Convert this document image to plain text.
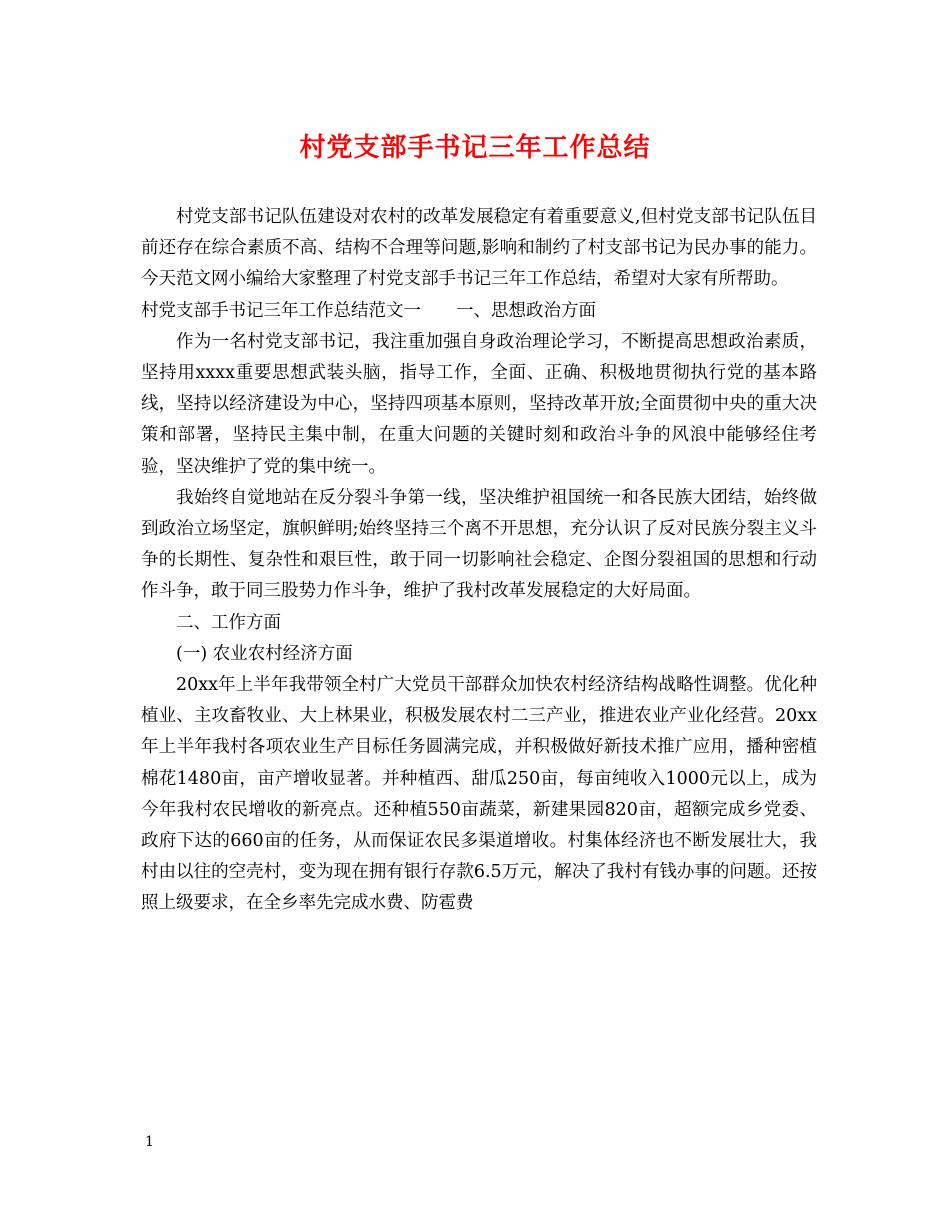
村党支部手书记三年工作总结

村党支部书记队伍建设对农村的改革发展稳定有着重要意义,但村党支部书记队伍目前还存在综合素质不高、结构不合理等问题,影响和制约了村支部书记为民办事的能力。今天范文网小编给大家整理了村党支部手书记三年工作总结，希望对大家有所帮助。

村党支部手书记三年工作总结范文一　　一、思想政治方面

作为一名村党支部书记，我注重加强自身政治理论学习，不断提高思想政治素质，坚持用xxxx重要思想武装头脑，指导工作，全面、正确、积极地贯彻执行党的基本路线，坚持以经济建设为中心，坚持四项基本原则，坚持改革开放;全面贯彻中央的重大决策和部署，坚持民主集中制，在重大问题的关键时刻和政治斗争的风浪中能够经住考验，坚决维护了党的集中统一。

我始终自觉地站在反分裂斗争第一线，坚决维护祖国统一和各民族大团结，始终做到政治立场坚定，旗帜鲜明;始终坚持三个离不开思想，充分认识了反对民族分裂主义斗争的长期性、复杂性和艰巨性，敢于同一切影响社会稳定、企图分裂祖国的思想和行动作斗争，敢于同三股势力作斗争，维护了我村改革发展稳定的大好局面。

二、工作方面

(一) 农业农村经济方面

20xx年上半年我带领全村广大党员干部群众加快农村经济结构战略性调整。优化种植业、主攻畜牧业、大上林果业，积极发展农村二三产业，推进农业产业化经营。20xx年上半年我村各项农业生产目标任务圆满完成，并积极做好新技术推广应用，播种密植棉花1480亩，亩产增收显著。并种植西、甜瓜250亩，每亩纯收入1000元以上，成为今年我村农民增收的新亮点。还种植550亩蔬菜，新建果园820亩，超额完成乡党委、政府下达的660亩的任务，从而保证农民多渠道增收。村集体经济也不断发展壮大，我村由以往的空壳村，变为现在拥有银行存款6.5万元，解决了我村有钱办事的问题。还按照上级要求，在全乡率先完成水费、防雹费

1
